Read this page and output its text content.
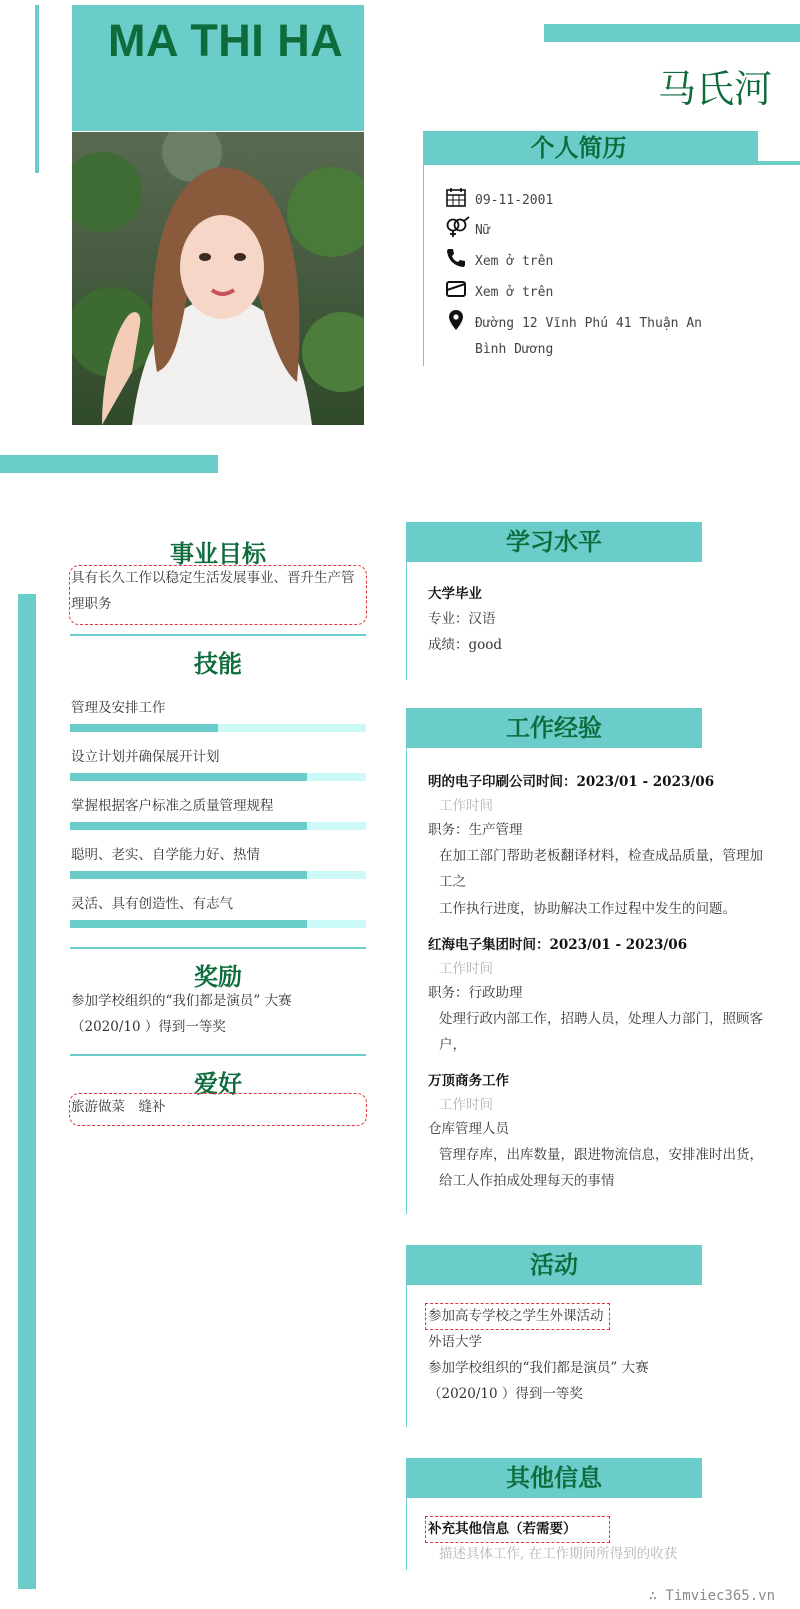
MA THI HA
马氏河
个人简历
09-11-2001
Nữ
Xem ở trên
Xem ở trên
Đường 12 Vĩnh Phú 41 Thuận An Bình Dương
事业目标
具有长久工作以稳定生活发展事业、晋升生产管理职务
技能
管理及安排工作
设立计划并确保展开计划
掌握根据客户标准之质量管理规程
聪明、老实、自学能力好、热情
灵活、具有创造性、有志气
奖励
参加学校组织的“我们都是演员” 大赛
（2020/10 ）得到一等奖
爱好
旅游做菜　缝补
学习水平
大学毕业
专业：汉语
成绩：good
工作经验
明的电子印刷公司时间：2023/01 - 2023/06
工作时间
职务：生产管理
在加工部门帮助老板翻译材料，检查成品质量，管理加工之
工作执行进度，协助解决工作过程中发生的问题。
红海电子集团时间：2023/01 - 2023/06
工作时间
职务：行政助理
处理行政内部工作，招聘人员，处理人力部门，照顾客户，
万顶商务工作
工作时间
仓库管理人员
管理存库，出库数量，跟进物流信息，安排准时出货，给工人作拍成处理每天的事情
活动
参加高专学校之学生外课活动
外语大学
参加学校组织的“我们都是演员” 大赛
（2020/10 ）得到一等奖
其他信息
补充其他信息（若需要）
描述具体工作, 在工作期间所得到的收获
∴ Timviec365.vn
